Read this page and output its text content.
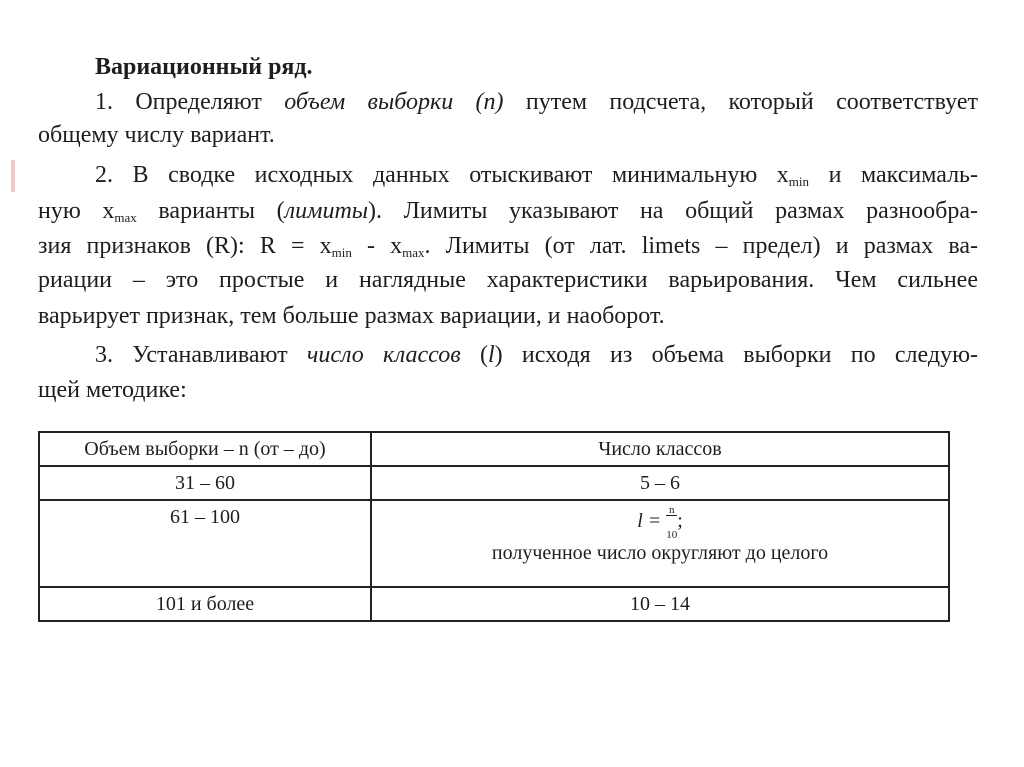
Вариационный ряд.
1. Определяют объем выборки (n) путем подсчета, который соответствует
общему числу вариант.
2. В сводке исходных данных отыскивают минимальную $x_{min}$ и максималь-
ную $x_{max}$ варианты (лимиты). Лимиты указывают на общий размах разнообра-
зия признаков (R): $R = x_{min} - x_{max}$. Лимиты (от лат. limets – предел) и размах ва-
риации – это простые и наглядные характеристики варьирования. Чем сильнее
варьирует признак, тем больше размах вариации, и наоборот.
3. Устанавливают число классов (l) исходя из объема выборки по следую-
щей методике:
Объем выборки – n (от – до)	Число классов
31 – 60	5 – 6
61 – 100	$l = \frac{n}{10}$ ;
полученное число округляют до целого

101 и более	10 – 14
